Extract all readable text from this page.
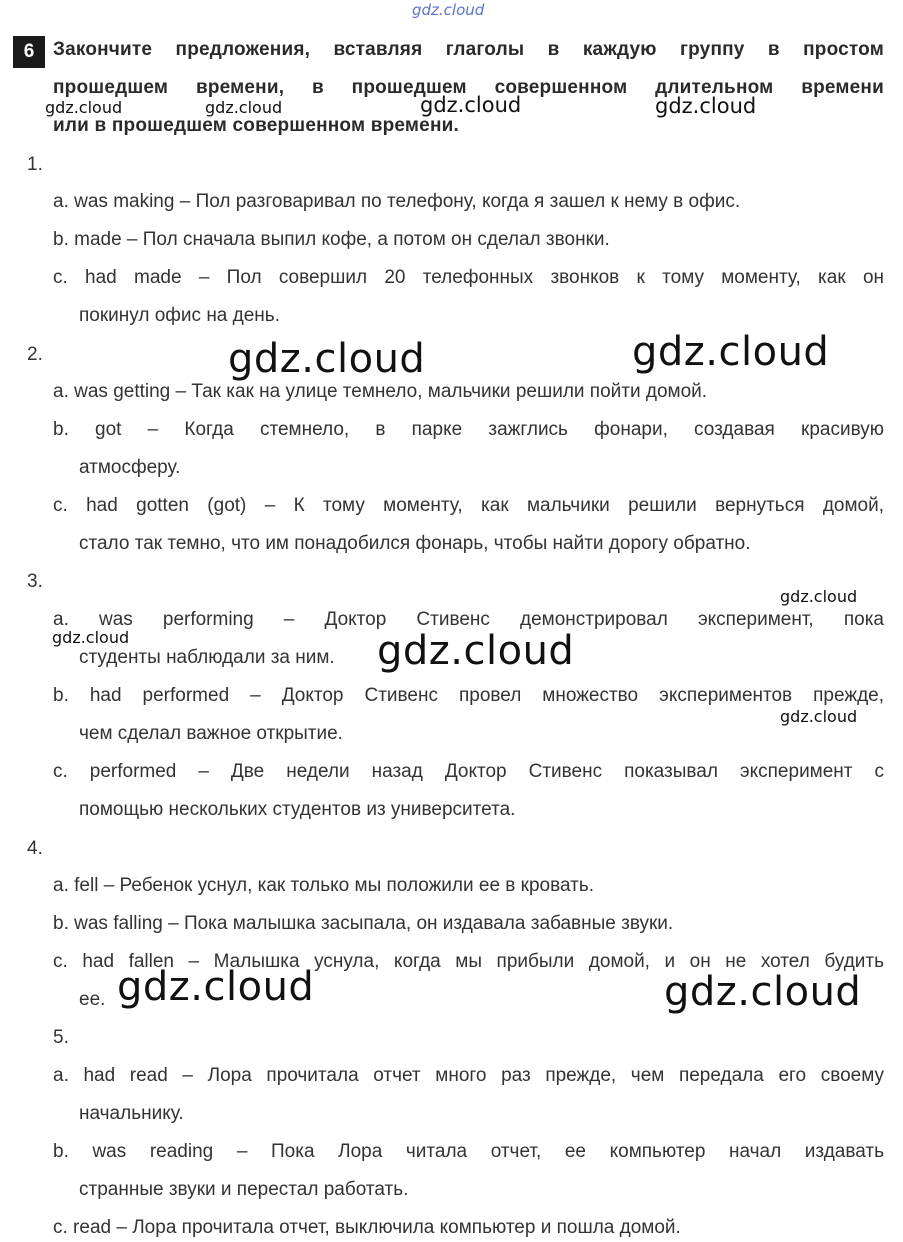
gdz.cloud
6 Закончите предложения, вставляя глаголы в каждую группу в простом
прошедшем времени, в прошедшем совершенном длительном времени
или в прошедшем совершенном времени.
1.
a. was making – Пол разговаривал по телефону, когда я зашел к нему в офис.
b. made – Пол сначала выпил кофе, а потом он сделал звонки.
c. had made – Пол совершил 20 телефонных звонков к тому моменту, как он
покинул офис на день.
2.
a. was getting – Так как на улице темнело, мальчики решили пойти домой.
b. got – Когда стемнело, в парке зажглись фонари, создавая красивую
атмосферу.
c. had gotten (got) – К тому моменту, как мальчики решили вернуться домой,
стало так темно, что им понадобился фонарь, чтобы найти дорогу обратно.
3.
a. was performing – Доктор Стивенс демонстрировал эксперимент, пока
студенты наблюдали за ним.
b. had performed – Доктор Стивенс провел множество экспериментов прежде,
чем сделал важное открытие.
c. performed – Две недели назад Доктор Стивенс показывал эксперимент с
помощью нескольких студентов из университета.
4.
a. fell – Ребенок уснул, как только мы положили ее в кровать.
b. was falling – Пока малышка засыпала, он издавала забавные звуки.
c. had fallen – Малышка уснула, когда мы прибыли домой, и он не хотел будить
ее.
5.
a. had read – Лора прочитала отчет много раз прежде, чем передала его своему
начальнику.
b. was reading – Пока Лора читала отчет, ее компьютер начал издавать
странные звуки и перестал работать.
c. read – Лора прочитала отчет, выключила компьютер и пошла домой.
gdz.cloud	gdz.cloud	gdz.cloud	gdz.cloud
gdz.cloud	gdz.cloud
gdz.cloud
gdz.cloud	gdz.cloud
gdz.cloud
gdz.cloud	gdz.cloud
